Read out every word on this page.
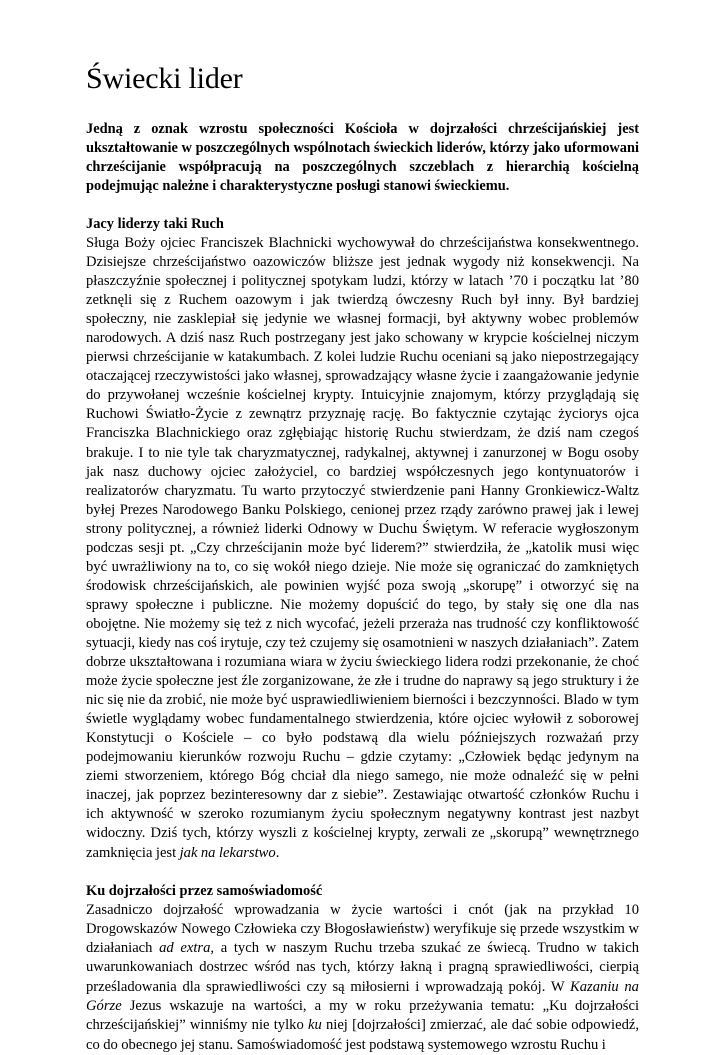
Świecki lider

Jedną z oznak wzrostu społeczności Kościoła w dojrzałości chrześcijańskiej jest ukształtowanie w poszczególnych wspólnotach świeckich liderów, którzy jako uformowani chrześcijanie współpracują na poszczególnych szczeblach z hierarchią kościelną podejmując należne i charakterystyczne posługi stanowi świeckiemu.

Jacy liderzy taki Ruch

Sługa Boży ojciec Franciszek Blachnicki wychowywał do chrześcijaństwa konsekwentnego. Dzisiejsze chrześcijaństwo oazowiczów bliższe jest jednak wygody niż konsekwencji. Na płaszczyźnie społecznej i politycznej spotykam ludzi, którzy w latach ’70 i początku lat ’80 zetknęli się z Ruchem oazowym i jak twierdzą ówczesny Ruch był inny. Był bardziej społeczny, nie zasklepiał się jedynie we własnej formacji, był aktywny wobec problemów narodowych. A dziś nasz Ruch postrzegany jest jako schowany w krypcie kościelnej niczym pierwsi chrześcijanie w katakumbach. Z kolei ludzie Ruchu oceniani są jako niepostrzegający otaczającej rzeczywistości jako własnej, sprowadzający własne życie i zaangażowanie jedynie do przywołanej wcześnie kościelnej krypty. Intuicyjnie znajomym, którzy przyglądają się Ruchowi Światło-Życie z zewnątrz przyznaję rację. Bo faktycznie czytając życiorys ojca Franciszka Blachnickiego oraz zgłębiając historię Ruchu stwierdzam, że dziś nam czegoś brakuje. I to nie tyle tak charyzmatycznej, radykalnej, aktywnej i zanurzonej w Bogu osoby jak nasz duchowy ojciec założyciel, co bardziej współczesnych jego kontynuatorów i realizatorów charyzmatu. Tu warto przytoczyć stwierdzenie pani Hanny Gronkiewicz-Waltz byłej Prezes Narodowego Banku Polskiego, cenionej przez rządy zarówno prawej jak i lewej strony politycznej, a również liderki Odnowy w Duchu Świętym. W referacie wygłoszonym podczas sesji pt. „Czy chrześcijanin może być liderem?” stwierdziła, że „katolik musi więc być uwrażliwiony na to, co się wokół niego dzieje. Nie może się ograniczać do zamkniętych środowisk chrześcijańskich, ale powinien wyjść poza swoją „skorupę” i otworzyć się na sprawy społeczne i publiczne. Nie możemy dopuścić do tego, by stały się one dla nas obojętne. Nie możemy się też z nich wycofać, jeżeli przeraża nas trudność czy konfliktowość sytuacji, kiedy nas coś irytuje, czy też czujemy się osamotnieni w naszych działaniach”. Zatem dobrze ukształtowana i rozumiana wiara w życiu świeckiego lidera rodzi przekonanie, że choć może życie społeczne jest źle zorganizowane, że złe i trudne do naprawy są jego struktury i że nic się nie da zrobić, nie może być usprawiedliwieniem bierności i bezczynności. Blado w tym świetle wyglądamy wobec fundamentalnego stwierdzenia, które ojciec wyłowił z soborowej Konstytucji o Kościele – co było podstawą dla wielu późniejszych rozważań przy podejmowaniu kierunków rozwoju Ruchu – gdzie czytamy: „Człowiek będąc jedynym na ziemi stworzeniem, którego Bóg chciał dla niego samego, nie może odnaleźć się w pełni inaczej, jak poprzez bezinteresowny dar z siebie”. Zestawiając otwartość członków Ruchu i ich aktywność w szeroko rozumianym życiu społecznym negatywny kontrast jest nazbyt widoczny. Dziś tych, którzy wyszli z kościelnej krypty, zerwali ze „skorupą” wewnętrznego zamknięcia jest jak na lekarstwo.

Ku dojrzałości przez samoświadomość

Zasadniczo dojrzałość wprowadzania w życie wartości i cnót (jak na przykład 10 Drogowskazów Nowego Człowieka czy Błogosławieństw) weryfikuje się przede wszystkim w działaniach ad extra, a tych w naszym Ruchu trzeba szukać ze świecą. Trudno w takich uwarunkowaniach dostrzec wśród nas tych, którzy łakną i pragną sprawiedliwości, cierpią prześladowania dla sprawiedliwości czy są miłosierni i wprowadzają pokój. W Kazaniu na Górze Jezus wskazuje na wartości, a my w roku przeżywania tematu: „Ku dojrzałości chrześcijańskiej” winniśmy nie tylko ku niej [dojrzałości] zmierzać, ale dać sobie odpowiedź, co do obecnego jej stanu. Samoświadomość jest podstawą systemowego wzrostu Ruchu i
